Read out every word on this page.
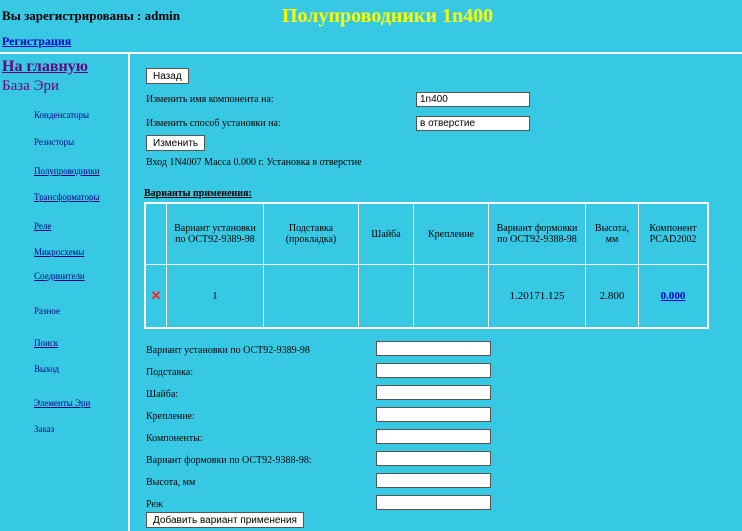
Вы зарегистрированы : admin	Полупроводники 1n400
Регистрация
На главную
База Эри
Конденсаторы
Резисторы
Полупроводники
Трансформаторы
Реле
Микросхемы
Соединители
Разное
Поиск
Выход
Элементы Эри
Заказ
Назад
Изменить имя компонента на:	1n400
Изменить способ установки на:	в отверстие
Изменить
Вход 1N4007 Масса 0.000 г. Установка в отверстие
Варианты применения:
	Вариант установки по ОСТ92-9389-98	Подставка (прокладка)	Шайба	Крепление	Вариант формовки по ОСТ92-9388-98	Высота, мм	Компонент PCAD2002
✕	1				1.20171.125	2.800	0.000
Вариант установки по ОСТ92-9389-98
Подставка:
Шайба:
Крепление:
Компоненты:
Вариант формовки по ОСТ92-9388-98:
Высота, мм
Реж
Добавить вариант применения
